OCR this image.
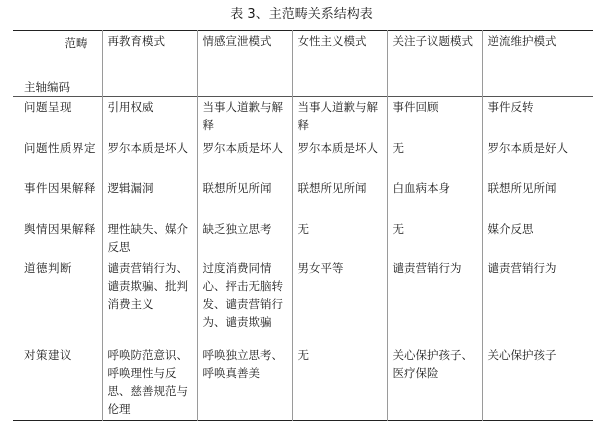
表 3、主范畴关系结构表
范畴
主轴编码	再教育模式	情感宣泄模式	女性主义模式	关注子议题模式	逆流维护模式
问题呈现	引用权威	当事人道歉与解释	当事人道歉与解释	事件回顾	事件反转
问题性质界定	罗尔本质是坏人	罗尔本质是坏人	罗尔本质是坏人	无	罗尔本质是好人
事件因果解释	逻辑漏洞	联想所见所闻	联想所见所闻	白血病本身	联想所见所闻
舆情因果解释	理性缺失、媒介反思	缺乏独立思考	无	无	媒介反思
道德判断	谴责营销行为、谴责欺骗、批判消费主义	过度消费同情心、抨击无脑转发、谴责营销行为、谴责欺骗	男女平等	谴责营销行为	谴责营销行为
对策建议	呼唤防范意识、呼唤理性与反思、慈善规范与伦理	呼唤独立思考、呼唤真善美	无	关心保护孩子、医疗保险	关心保护孩子
